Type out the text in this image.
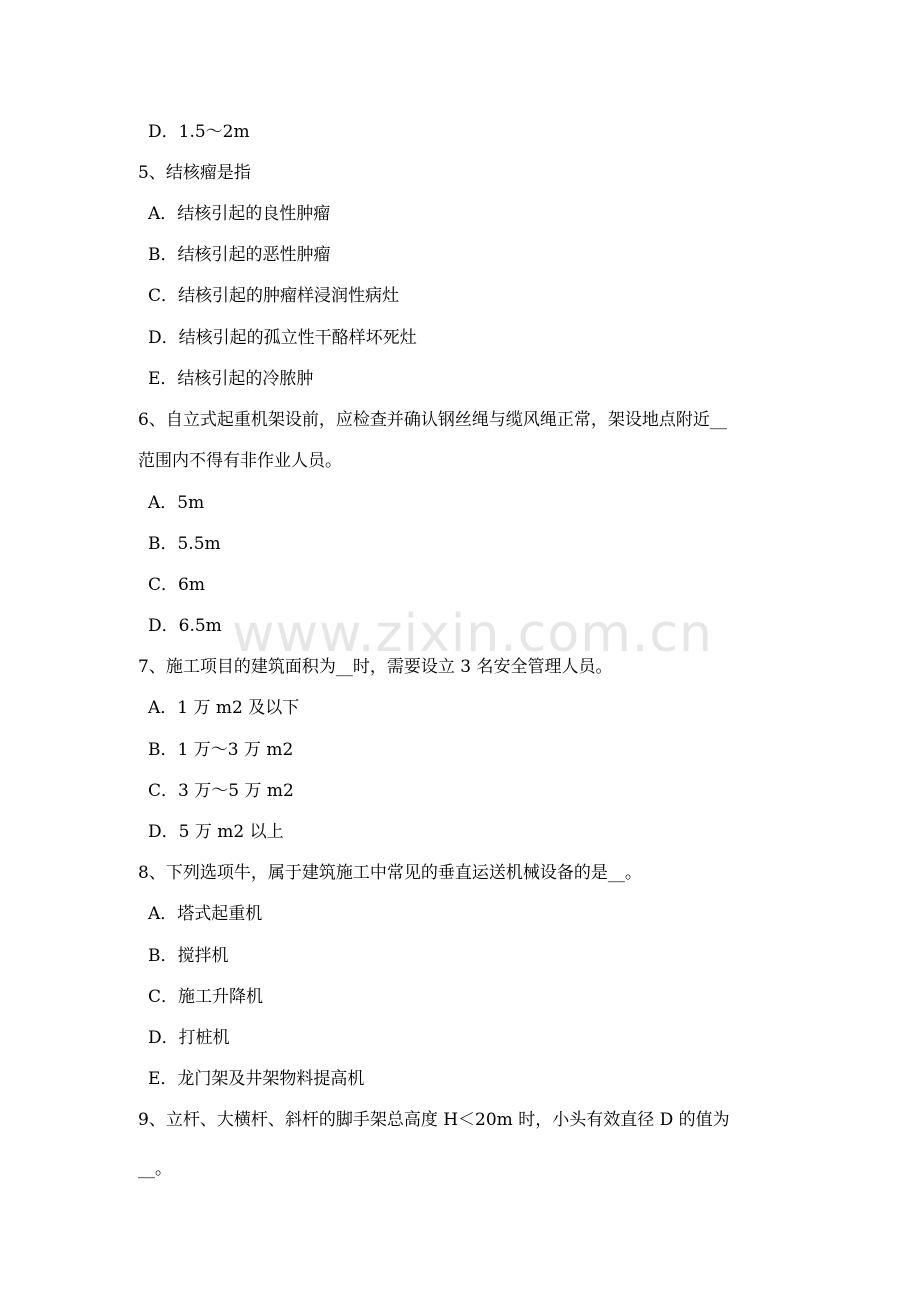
www.zixin.com.cn
D．1.5～2m
5、结核瘤是指
A．结核引起的良性肿瘤
B．结核引起的恶性肿瘤
C．结核引起的肿瘤样浸润性病灶
D．结核引起的孤立性干酪样坏死灶
E．结核引起的冷脓肿
6、自立式起重机架设前，应检查并确认钢丝绳与缆风绳正常，架设地点附近__
范围内不得有非作业人员。
A．5m
B．5.5m
C．6m
D．6.5m
7、施工项目的建筑面积为__时，需要设立 3 名安全管理人员。
A．1 万 m2 及以下
B．1 万～3 万 m2
C．3 万～5 万 m2
D．5 万 m2 以上
8、下列选项牛，属于建筑施工中常见的垂直运送机械设备的是__。
A．塔式起重机
B．搅拌机
C．施工升降机
D．打桩机
E．龙门架及井架物料提高机
9、立杆、大横杆、斜杆的脚手架总高度 H＜20m 时，小头有效直径 D 的值为
__。
